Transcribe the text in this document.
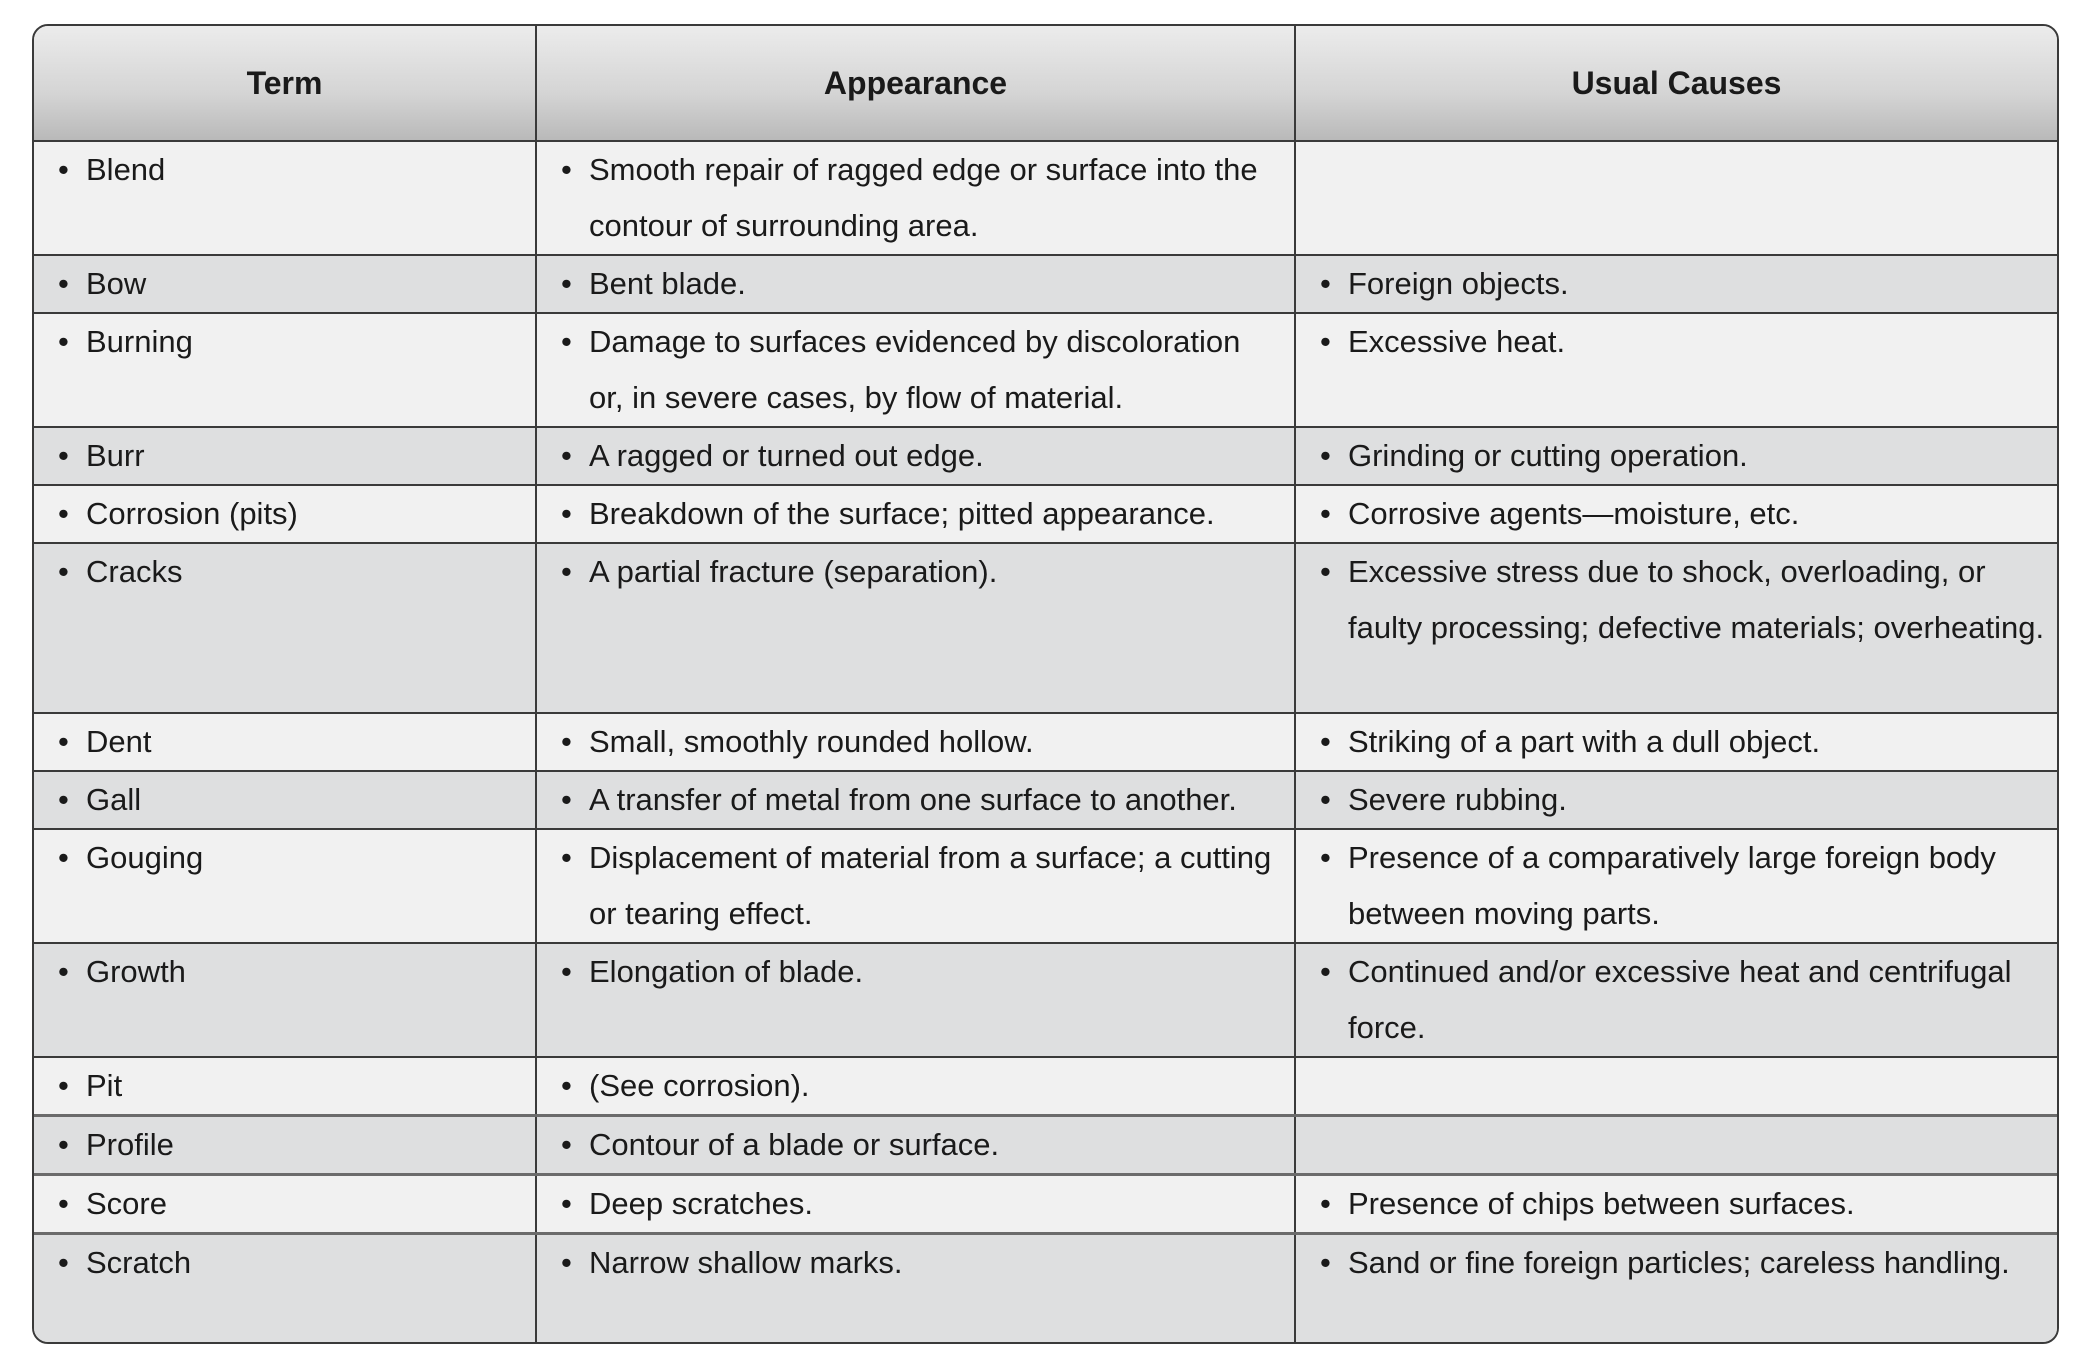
Term	Appearance	Usual Causes

• Blend	• Smooth repair of ragged edge or surface into the contour of surrounding area.

• Bow	• Bent blade.	• Foreign objects.

• Burning	• Damage to surfaces evidenced by discoloration or, in severe cases, by flow of material.	• Excessive heat.

• Burr	• A ragged or turned out edge.	• Grinding or cutting operation.

• Corrosion (pits)	• Breakdown of the surface; pitted appearance.	• Corrosive agents—moisture, etc.

• Cracks	• A partial fracture (separation).	• Excessive stress due to shock, overloading, or faulty processing; defective materials; overheating.

• Dent	• Small, smoothly rounded hollow.	• Striking of a part with a dull object.

• Gall	• A transfer of metal from one surface to another.	• Severe rubbing.

• Gouging	• Displacement of material from a surface; a cutting or tearing effect.	• Presence of a comparatively large foreign body between moving parts.

• Growth	• Elongation of blade.	• Continued and/or excessive heat and centrifugal force.

• Pit	• (See corrosion).

• Profile	• Contour of a blade or surface.

• Score	• Deep scratches.	• Presence of chips between surfaces.

• Scratch	• Narrow shallow marks.	• Sand or fine foreign particles; careless handling.
